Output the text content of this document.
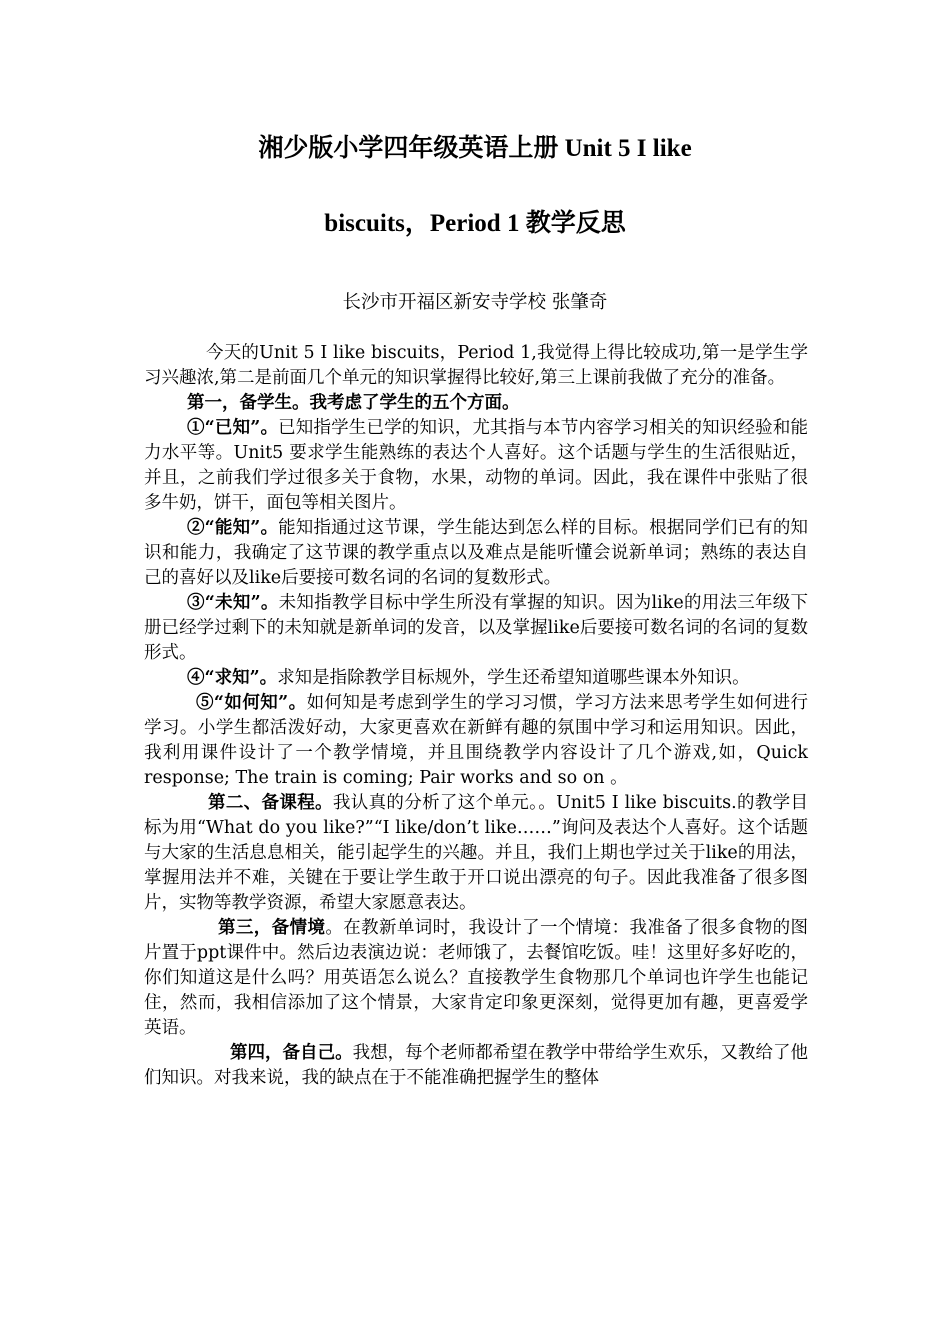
湘少版小学四年级英语上册 Unit 5 I like
biscuits，Period 1 教学反思
长沙市开福区新安寺学校 张肇奇

今天的Unit 5 I like biscuits，Period 1,我觉得上得比较成功,第一是学生学习兴趣浓,第二是前面几个单元的知识掌握得比较好,第三上课前我做了充分的准备。

第一，备学生。我考虑了学生的五个方面。

①“已知”。已知指学生已学的知识，尤其指与本节内容学习相关的知识经验和能力水平等。Unit5 要求学生能熟练的表达个人喜好。这个话题与学生的生活很贴近，并且，之前我们学过很多关于食物，水果，动物的单词。因此，我在课件中张贴了很多牛奶，饼干，面包等相关图片。

②“能知”。能知指通过这节课，学生能达到怎么样的目标。根据同学们已有的知识和能力，我确定了这节课的教学重点以及难点是能听懂会说新单词；熟练的表达自己的喜好以及like后要接可数名词的名词的复数形式。

③“未知”。未知指教学目标中学生所没有掌握的知识。因为like的用法三年级下册已经学过剩下的未知就是新单词的发音，以及掌握like后要接可数名词的名词的复数形式。

④“求知”。求知是指除教学目标规外，学生还希望知道哪些课本外知识。

⑤“如何知”。如何知是考虑到学生的学习习惯，学习方法来思考学生如何进行学习。小学生都活泼好动，大家更喜欢在新鲜有趣的氛围中学习和运用知识。因此，我利用课件设计了一个教学情境，并且围绕教学内容设计了几个游戏,如，Quick response; The train is coming; Pair works and so on 。

第二、备课程。我认真的分析了这个单元。。Unit5 I like biscuits.的教学目标为用“What do you like?”“I like/don’t like……”询问及表达个人喜好。这个话题与大家的生活息息相关，能引起学生的兴趣。并且，我们上期也学过关于like的用法，掌握用法并不难，关键在于要让学生敢于开口说出漂亮的句子。因此我准备了很多图片，实物等教学资源，希望大家愿意表达。

第三，备情境。在教新单词时，我设计了一个情境：我准备了很多食物的图片置于ppt课件中。然后边表演边说：老师饿了，去餐馆吃饭。哇！这里好多好吃的，你们知道这是什么吗？用英语怎么说么？直接教学生食物那几个单词也许学生也能记住，然而，我相信添加了这个情景，大家肯定印象更深刻，觉得更加有趣，更喜爱学英语。

第四，备自己。我想，每个老师都希望在教学中带给学生欢乐，又教给了他们知识。对我来说，我的缺点在于不能准确把握学生的整体
